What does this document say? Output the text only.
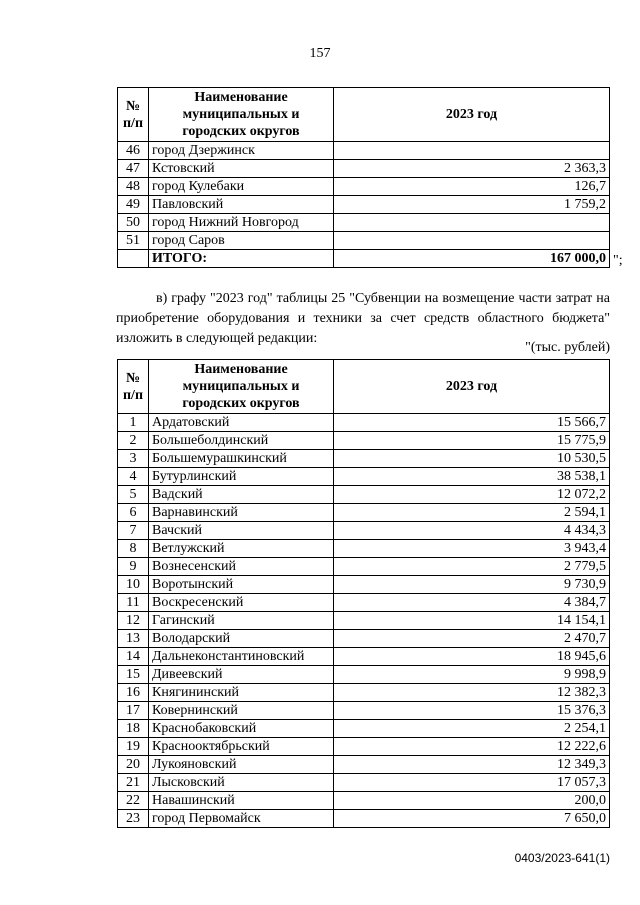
157
№ п/п	Наименование муниципальных и городских округов	2023 год
46	город Дзержинск	
47	Кстовский	2 363,3
48	город Кулебаки	126,7
49	Павловский	1 759,2
50	город Нижний Новгород	
51	город Саров	
	ИТОГО:	167 000,0 ";

в) графу "2023 год" таблицы 25 "Субвенции на возмещение части затрат на приобретение оборудования и техники за счет средств областного бюджета" изложить в следующей редакции:

"(тыс. рублей)
№ п/п	Наименование муниципальных и городских округов	2023 год
1	Ардатовский	15 566,7
2	Большеболдинский	15 775,9
3	Большемурашкинский	10 530,5
4	Бутурлинский	38 538,1
5	Вадский	12 072,2
6	Варнавинский	2 594,1
7	Вачский	4 434,3
8	Ветлужский	3 943,4
9	Вознесенский	2 779,5
10	Воротынский	9 730,9
11	Воскресенский	4 384,7
12	Гагинский	14 154,1
13	Володарский	2 470,7
14	Дальнеконстантиновский	18 945,6
15	Дивеевский	9 998,9
16	Княгининский	12 382,3
17	Ковернинский	15 376,3
18	Краснобаковский	2 254,1
19	Краснооктябрьский	12 222,6
20	Лукояновский	12 349,3
21	Лысковский	17 057,3
22	Навашинский	200,0
23	город Первомайск	7 650,0
0403/2023-641(1)
